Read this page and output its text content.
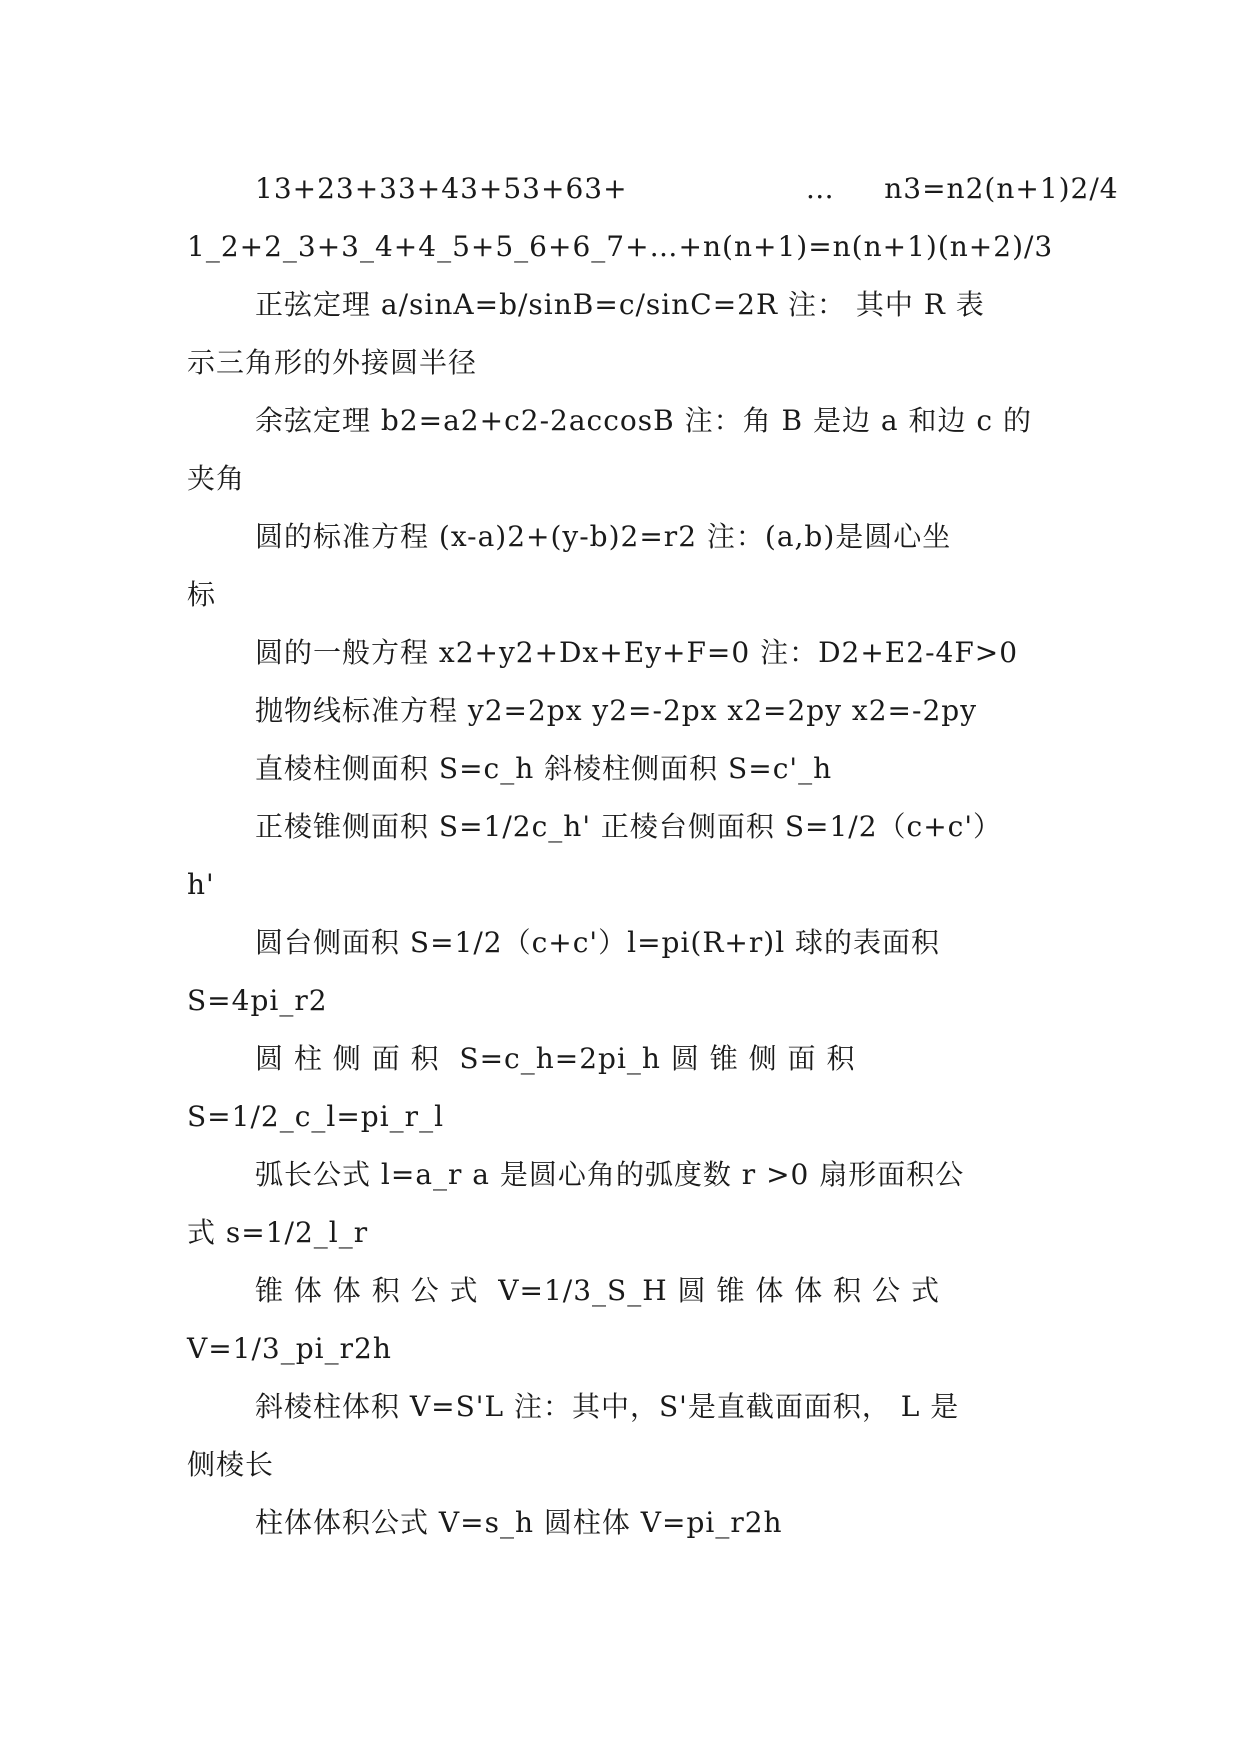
13+23+33+43+53+63+                  …     n3=n2(n+1)2/4
1_2+2_3+3_4+4_5+5_6+6_7+…+n(n+1)=n(n+1)(n+2)/3
正弦定理 a/sinA=b/sinB=c/sinC=2R 注： 其中 R 表
示三角形的外接圆半径
余弦定理 b2=a2+c2-2accosB 注：角 B 是边 a 和边 c 的
夹角
圆的标准方程 (x-a)2+(y-b)2=r2 注：(a,b)是圆心坐
标
圆的一般方程 x2+y2+Dx+Ey+F=0 注：D2+E2-4F>0
抛物线标准方程 y2=2px y2=-2px x2=2py x2=-2py
直棱柱侧面积 S=c_h 斜棱柱侧面积 S=c'_h
正棱锥侧面积 S=1/2c_h' 正棱台侧面积 S=1/2（c+c'）
h'
圆台侧面积 S=1/2（c+c'）l=pi(R+r)l 球的表面积
S=4pi_r2
圆 柱 侧 面 积  S=c_h=2pi_h 圆 锥 侧 面 积
S=1/2_c_l=pi_r_l
弧长公式 l=a_r a 是圆心角的弧度数 r >0 扇形面积公
式 s=1/2_l_r
锥 体 体 积 公 式  V=1/3_S_H 圆 锥 体 体 积 公 式
V=1/3_pi_r2h
斜棱柱体积 V=S'L 注：其中，S'是直截面面积， L 是
侧棱长
柱体体积公式 V=s_h 圆柱体 V=pi_r2h
